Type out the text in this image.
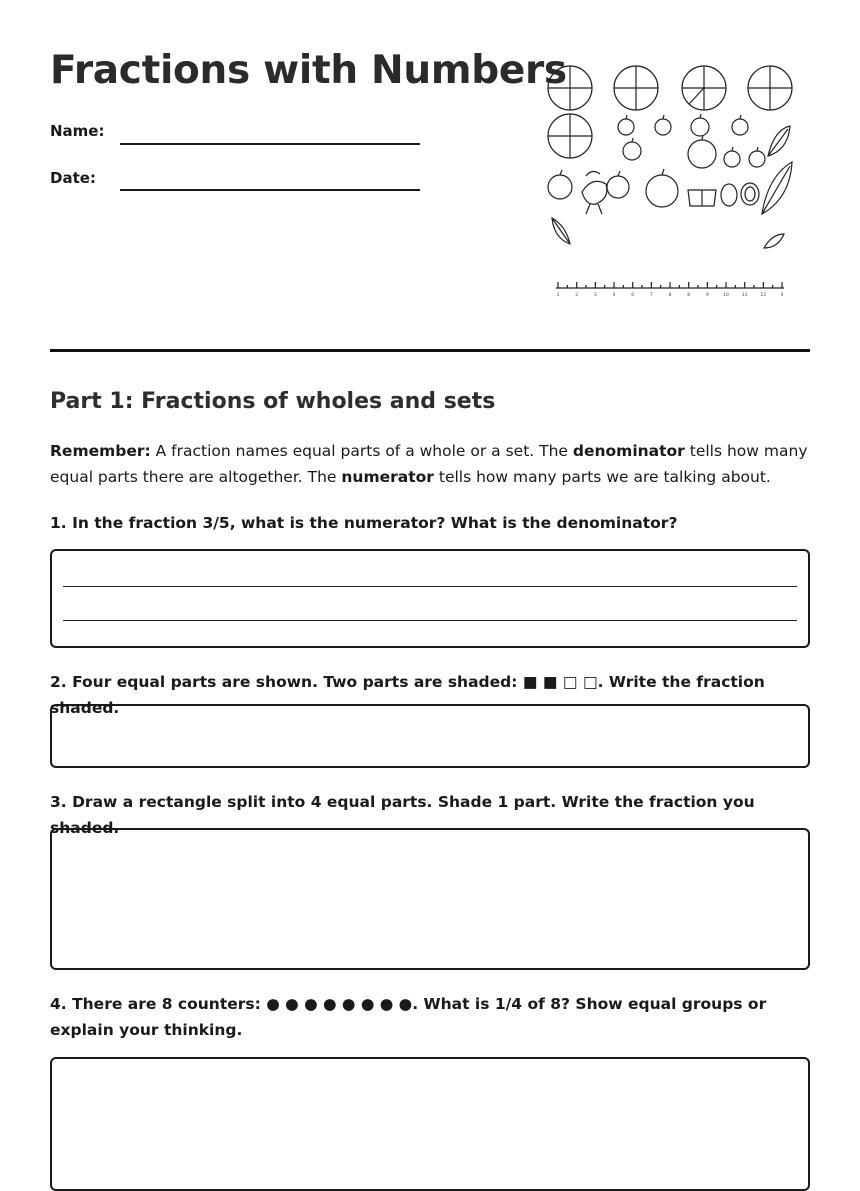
Fractions with Numbers
Name:
Date:
1	2	3	4	6	7	8	8	9	10	11	12	4
Part 1: Fractions of wholes and sets

Remember: A fraction names equal parts of a whole or a set. The denominator tells how many equal parts there are altogether. The numerator tells how many parts we are talking about.

1. In the fraction 3/5, what is the numerator? What is the denominator?
2. Four equal parts are shown. Two parts are shaded: ■ ■ □ □. Write the fraction shaded.
3. Draw a rectangle split into 4 equal parts. Shade 1 part. Write the fraction you shaded.
4. There are 8 counters: ● ● ● ● ● ● ● ●. What is 1/4 of 8? Show equal groups or explain your thinking.
